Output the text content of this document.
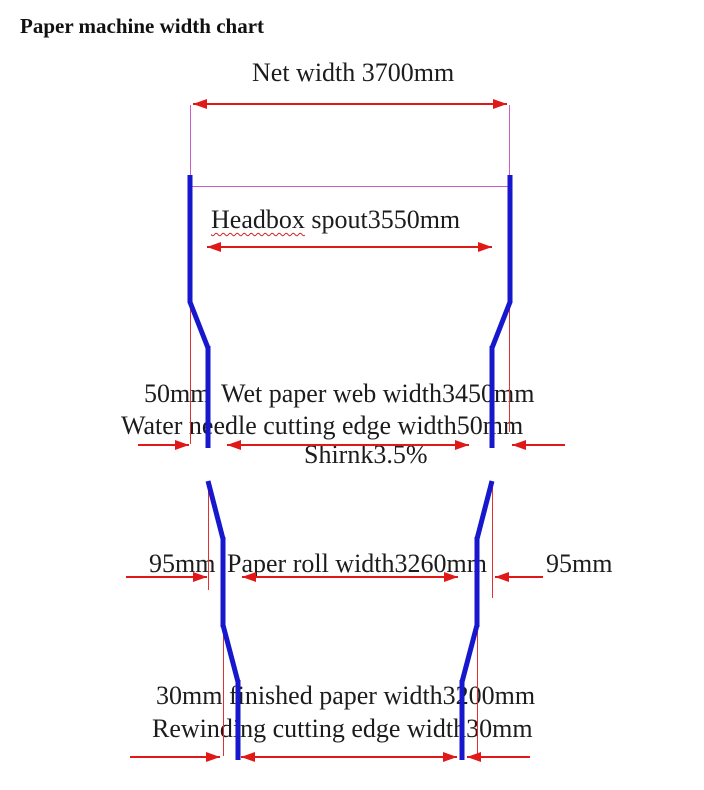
Paper machine width chart
Net width 3700mm
Headbox spout3550mm
50mm Wet paper web width3450mm
Water needle cutting edge width50mm
Shirnk3.5%
95mm Paper roll width3260mm 95mm
30mm finished paper width3200mm
Rewinding cutting edge width30mm
